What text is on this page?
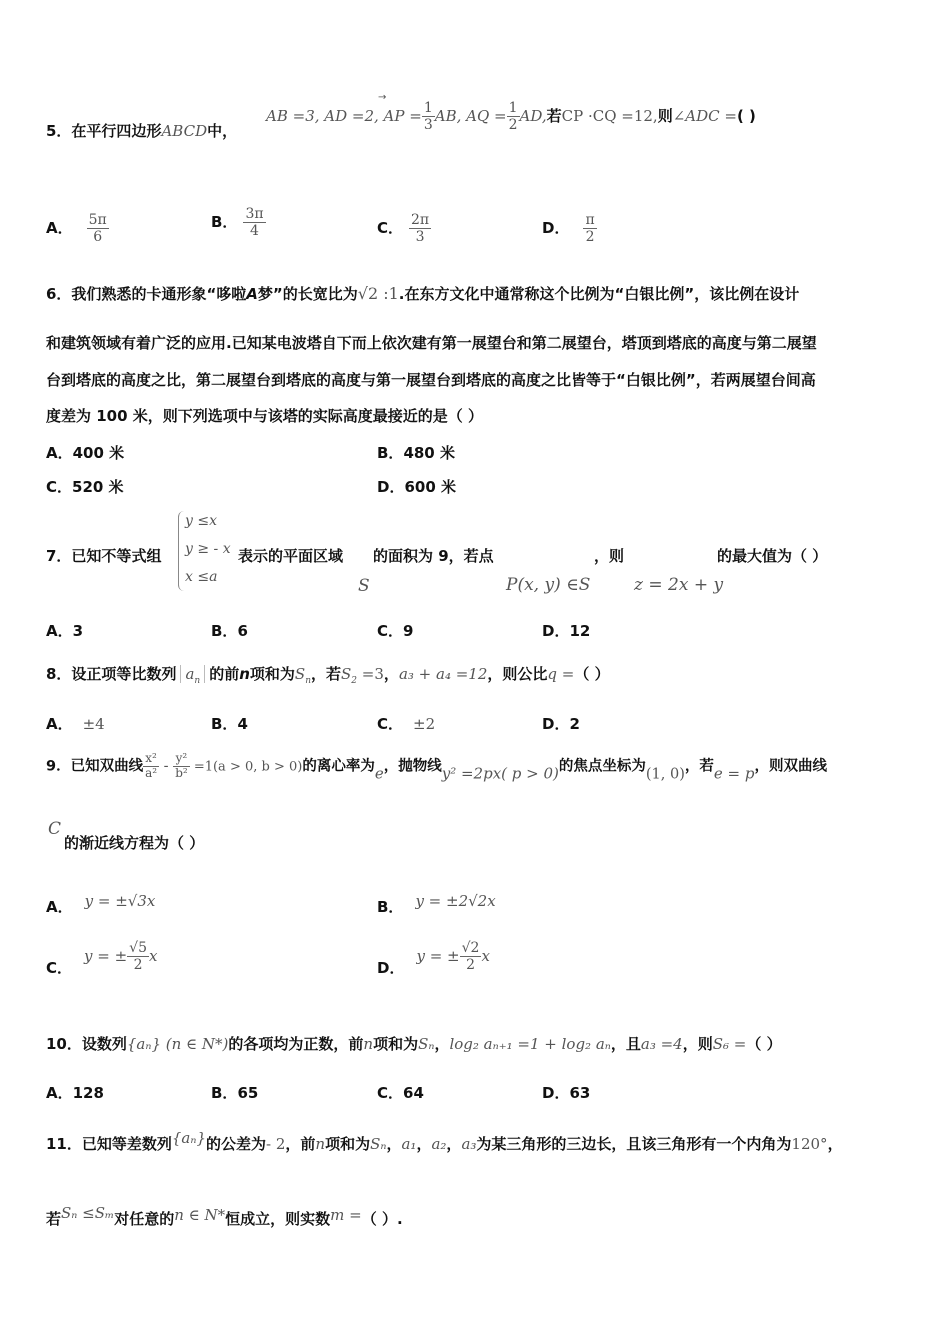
5．在平行四边形ABCD中，
AB =3, AD =2, AP = $\frac{1}{3}$ AB, AQ = $\frac{1}{2}$ AD,若CP ·CQ =12,则∠ADC =( )
→
A． $\frac{5\pi}{6}$	B． $\frac{3\pi}{4}$	C． $\frac{2\pi}{3}$	D． $\frac{\pi}{2}$
6．我们熟悉的卡通形象“哆啦A梦”的长宽比为√2 :1.在东方文化中通常称这个比例为“白银比例”，该比例在设计
和建筑领域有着广泛的应用.已知某电波塔自下而上依次建有第一展望台和第二展望台，塔顶到塔底的高度与第二展望
台到塔底的高度之比，第二展望台到塔底的高度与第一展望台到塔底的高度之比皆等于“白银比例”，若两展望台间高
度差为 100 米，则下列选项中与该塔的实际高度最接近的是（ ）
A．400 米	B．480 米
C．520 米	D．600 米
7．已知不等式组
y ≤x
y ≥ - x
x ≤a
表示的平面区域 的面积为 9，若点	，则	的最大值为（ ）
S	P(x, y) ∈S	z = 2x + y
A．3	B．6	C．9	D．12
8．设正项等比数列 $a_n$ 的前n项和为$S_n$，若$S_2 =3$，a₃ + a₄ =12，则公比q =（ ）
A． ±4	B．4	C． ±2	D．2
9．已知双曲线 $\frac{\text{x²}}{\text{a²}} - \frac{\text{y²}}{\text{b²}} =1(a > 0$, b > 0)的离心率为e，抛物线y² =2px( p > 0)的焦点坐标为(1, 0)，若e = p，则双曲线
C
的渐近线方程为（ ）
A． y = ±√3x	B． y = ±2√2x
C．y = ± $\frac{√5}{2}$ x
D．y = ± $\frac{√2}{2}$ x
10．设数列{aₙ} (n ∈ N*)的各项均为正数，前n项和为Sₙ，log₂ aₙ₊₁ =1 + log₂ aₙ，且a₃ =4，则S₆ =（ ）
A．128	B．65	C．64	D．63
11．已知等差数列{aₙ}的公差为- 2，前n项和为Sₙ，a₁，a₂，a₃为某三角形的三边长，且该三角形有一个内角为120°，
若Sₙ ≤Sₘ对任意的n ∈ N*恒成立，则实数m =（ ）.
